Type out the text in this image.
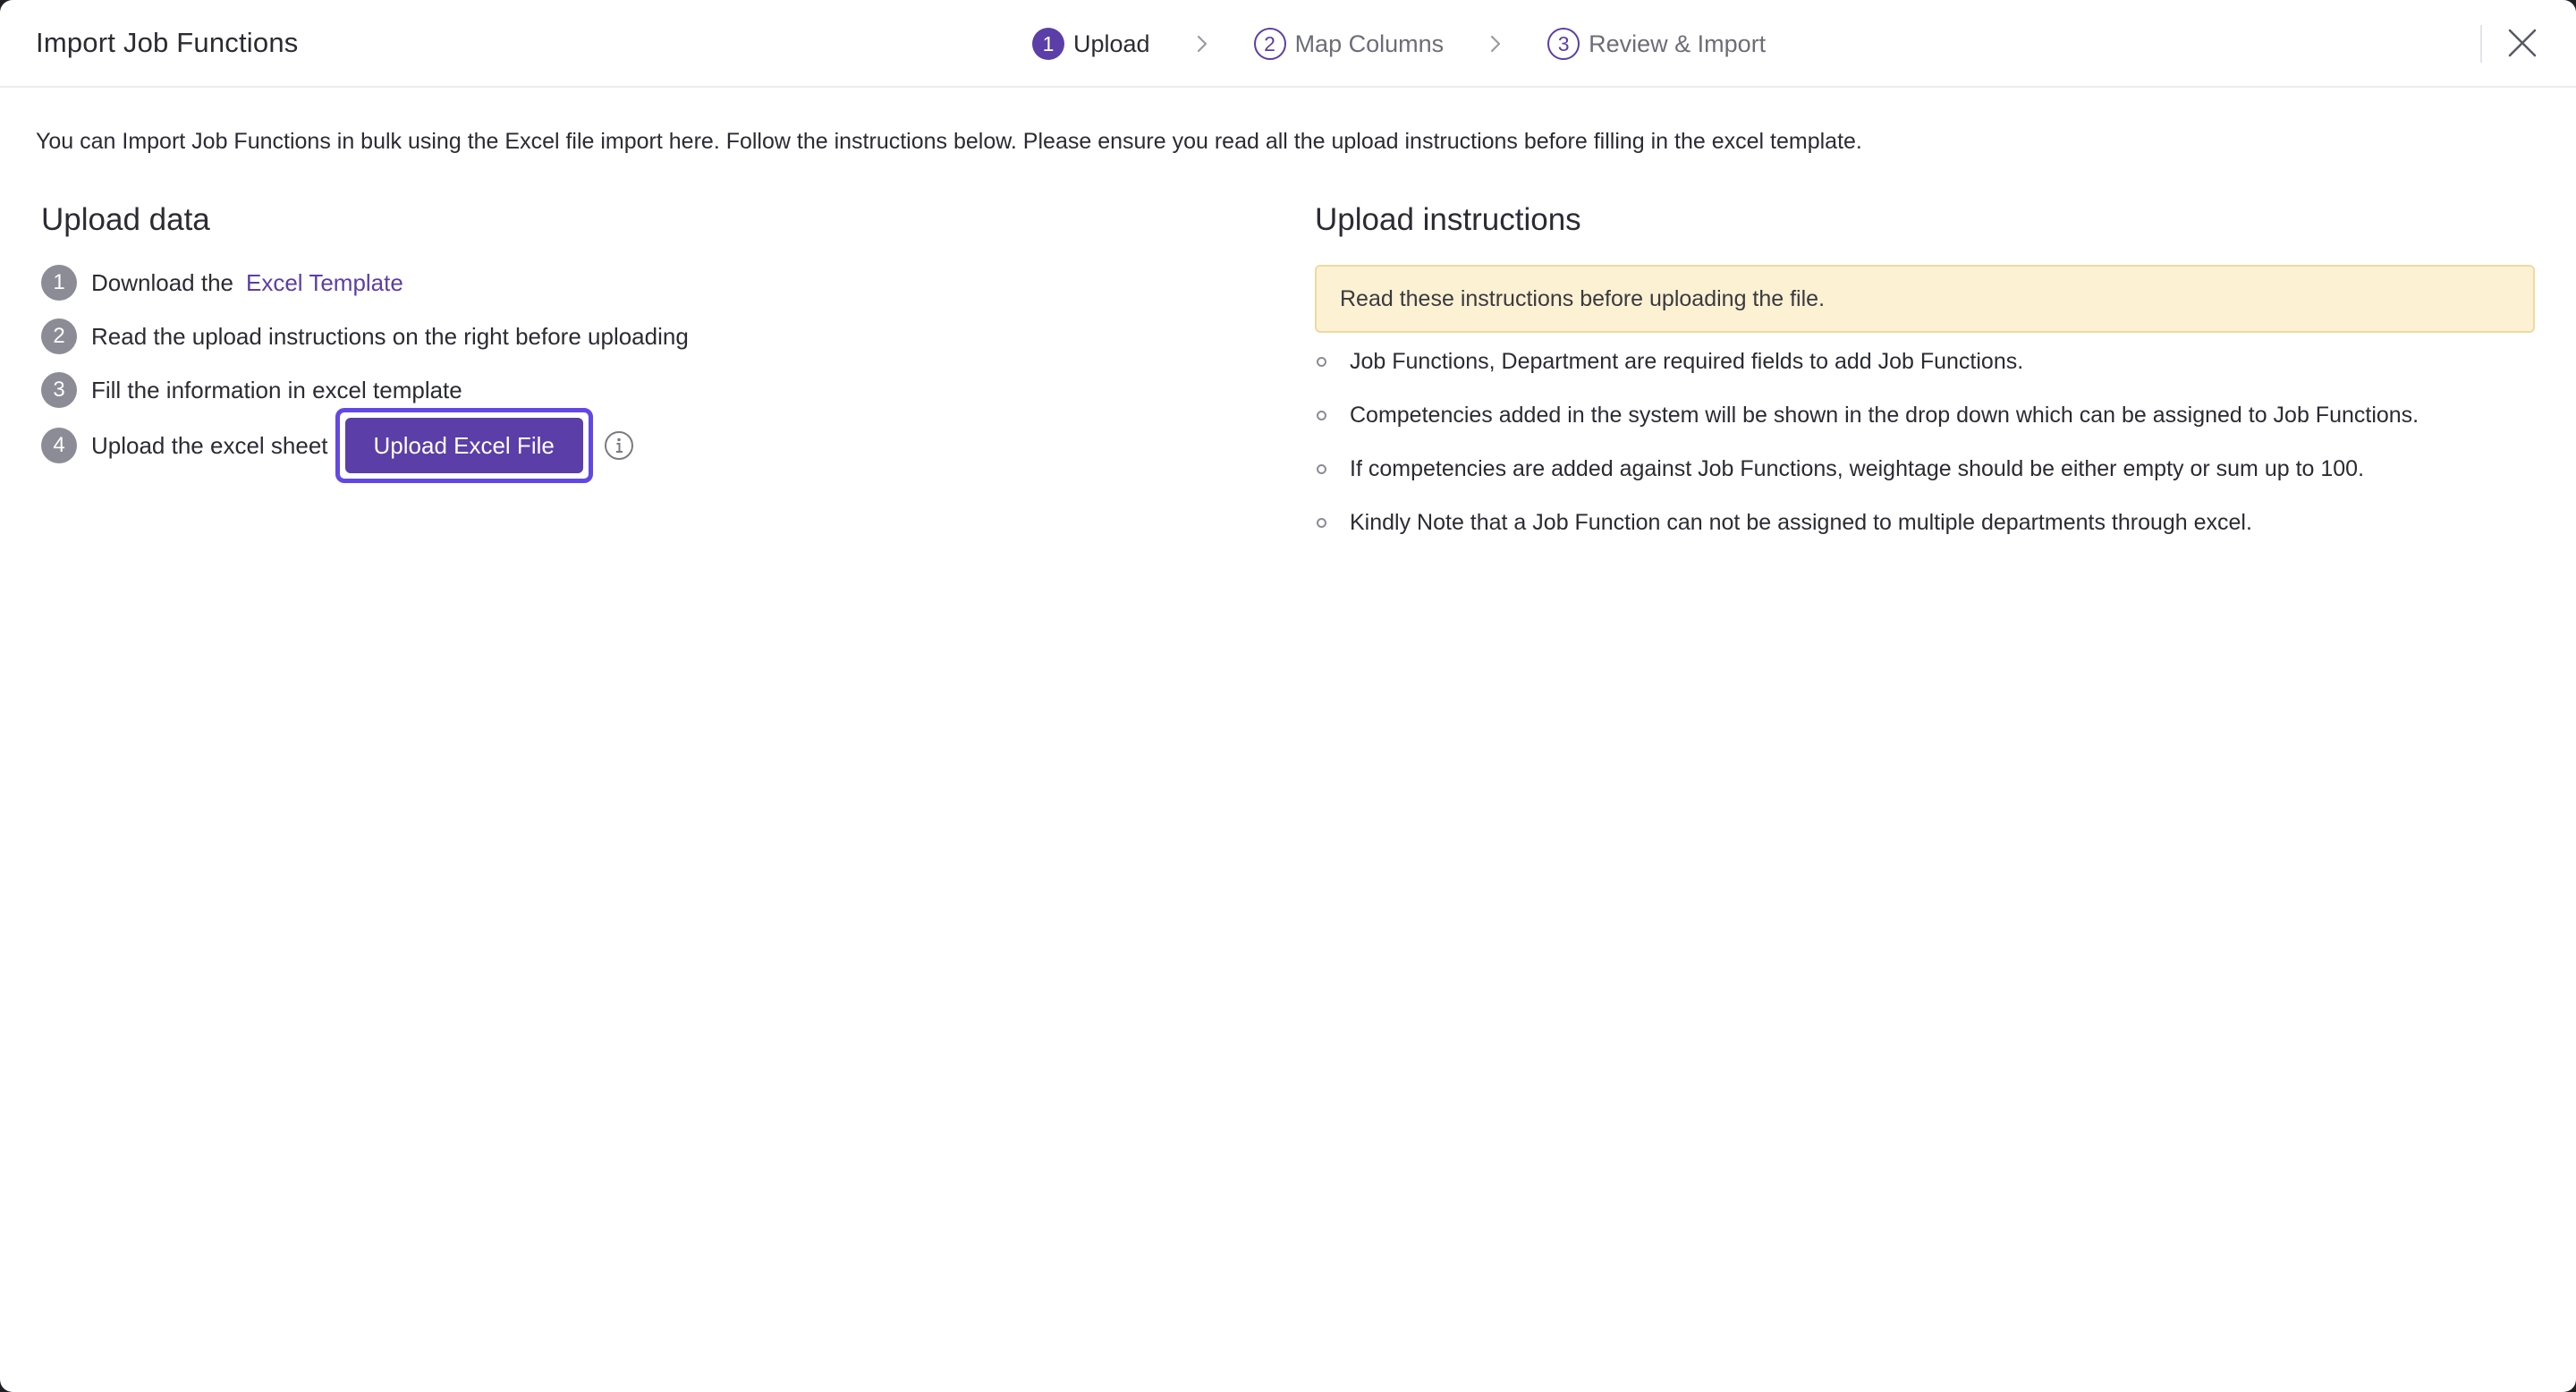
Import Job Functions	1 Upload	2 Map Columns	3 Review & Import
You can Import Job Functions in bulk using the Excel file import here. Follow the instructions below. Please ensure you read all the upload instructions before filling in the excel template.
Upload data
1	Download the Excel Template
2	Read the upload instructions on the right before uploading
3	Fill the information in excel template
4	Upload the excel sheet	Upload Excel File
Upload instructions
Read these instructions before uploading the file.
Job Functions, Department are required fields to add Job Functions.
Competencies added in the system will be shown in the drop down which can be assigned to Job Functions.
If competencies are added against Job Functions, weightage should be either empty or sum up to 100.
Kindly Note that a Job Function can not be assigned to multiple departments through excel.
